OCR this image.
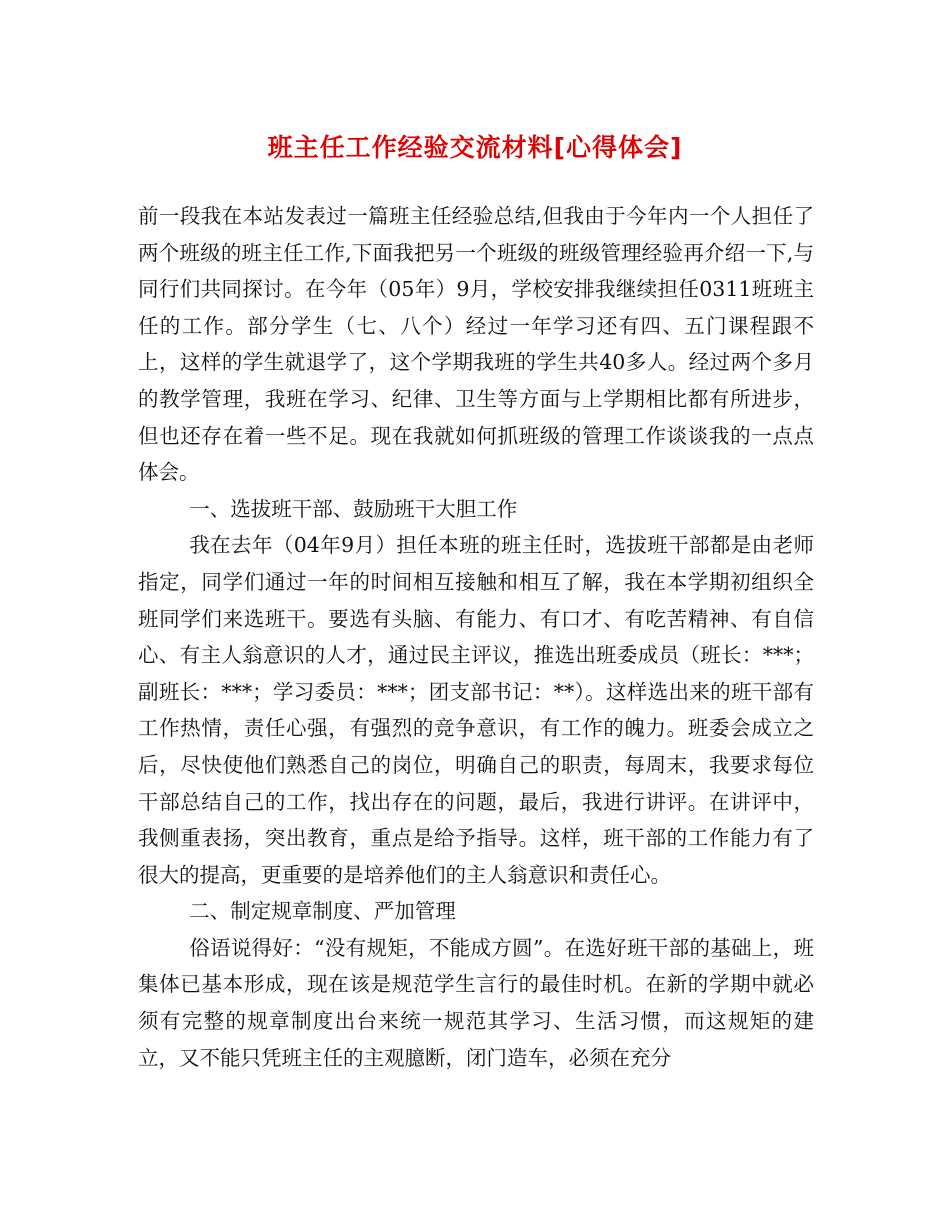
班主任工作经验交流材料[心得体会]

前一段我在本站发表过一篇班主任经验总结,但我由于今年内一个人担任了两个班级的班主任工作,下面我把另一个班级的班级管理经验再介绍一下,与同行们共同探讨。在今年（05年）9月，学校安排我继续担任0311班班主任的工作。部分学生（七、八个）经过一年学习还有四、五门课程跟不上，这样的学生就退学了，这个学期我班的学生共40多人。经过两个多月的教学管理，我班在学习、纪律、卫生等方面与上学期相比都有所进步，但也还存在着一些不足。现在我就如何抓班级的管理工作谈谈我的一点点体会。

一、选拔班干部、鼓励班干大胆工作

我在去年（04年9月）担任本班的班主任时，选拔班干部都是由老师指定，同学们通过一年的时间相互接触和相互了解，我在本学期初组织全班同学们来选班干。要选有头脑、有能力、有口才、有吃苦精神、有自信心、有主人翁意识的人才，通过民主评议，推选出班委成员（班长：***；副班长：***；学习委员：***；团支部书记：**）。这样选出来的班干部有工作热情，责任心强，有强烈的竞争意识，有工作的魄力。班委会成立之后，尽快使他们熟悉自己的岗位，明确自己的职责，每周末，我要求每位干部总结自己的工作，找出存在的问题，最后，我进行讲评。在讲评中，我侧重表扬，突出教育，重点是给予指导。这样，班干部的工作能力有了很大的提高，更重要的是培养他们的主人翁意识和责任心。

二、制定规章制度、严加管理

俗语说得好：“没有规矩，不能成方圆”。在选好班干部的基础上，班集体已基本形成，现在该是规范学生言行的最佳时机。在新的学期中就必须有完整的规章制度出台来统一规范其学习、生活习惯，而这规矩的建立，又不能只凭班主任的主观臆断，闭门造车，必须在充分
